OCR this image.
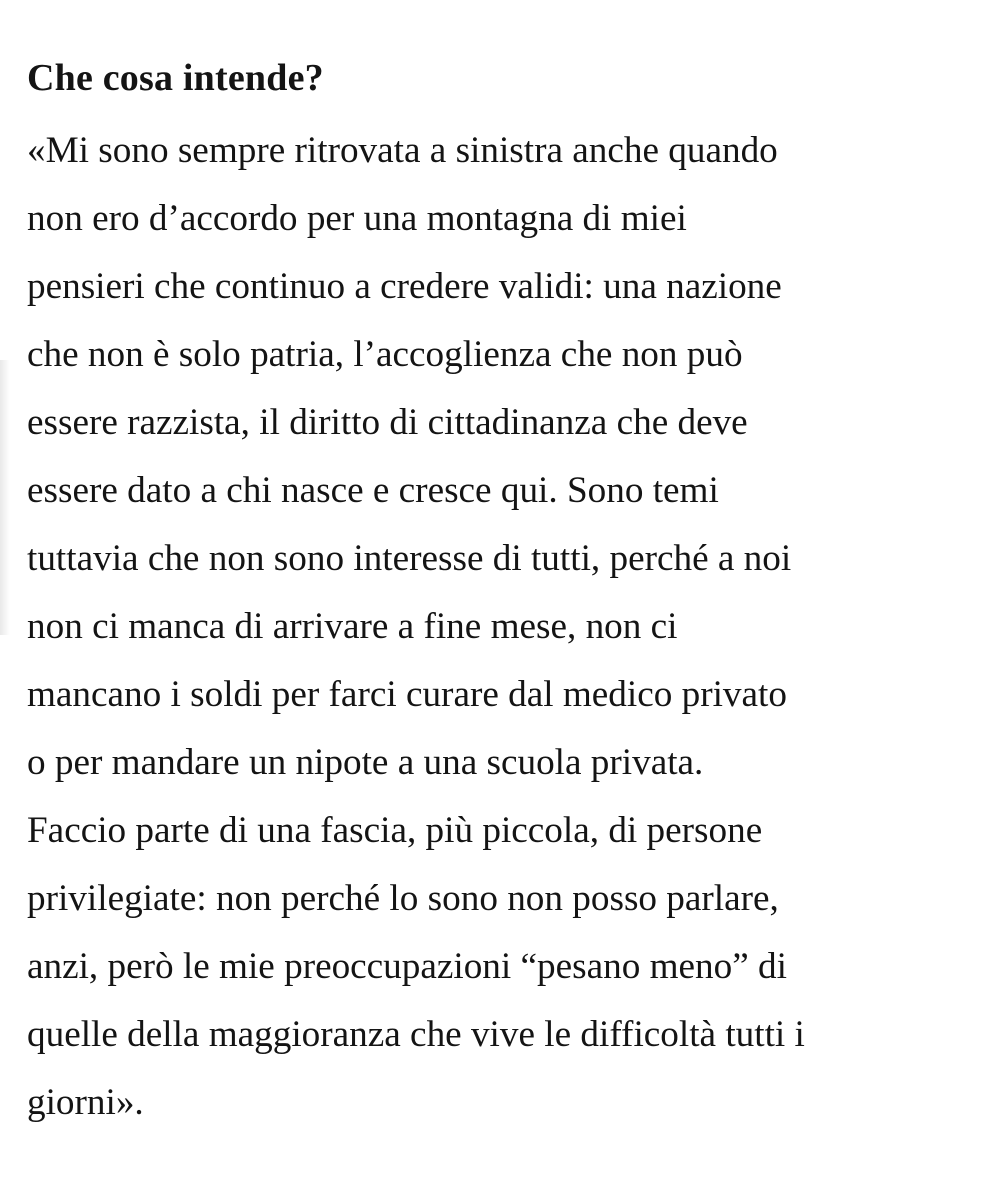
Che cosa intende?

«Mi sono sempre ritrovata a sinistra anche quando
non ero d’accordo per una montagna di miei
pensieri che continuo a credere validi: una nazione
che non è solo patria, l’accoglienza che non può
essere razzista, il diritto di cittadinanza che deve
essere dato a chi nasce e cresce qui. Sono temi
tuttavia che non sono interesse di tutti, perché a noi
non ci manca di arrivare a fine mese, non ci
mancano i soldi per farci curare dal medico privato
o per mandare un nipote a una scuola privata.
Faccio parte di una fascia, più piccola, di persone
privilegiate: non perché lo sono non posso parlare,
anzi, però le mie preoccupazioni “pesano meno” di
quelle della maggioranza che vive le difficoltà tutti i
giorni».
